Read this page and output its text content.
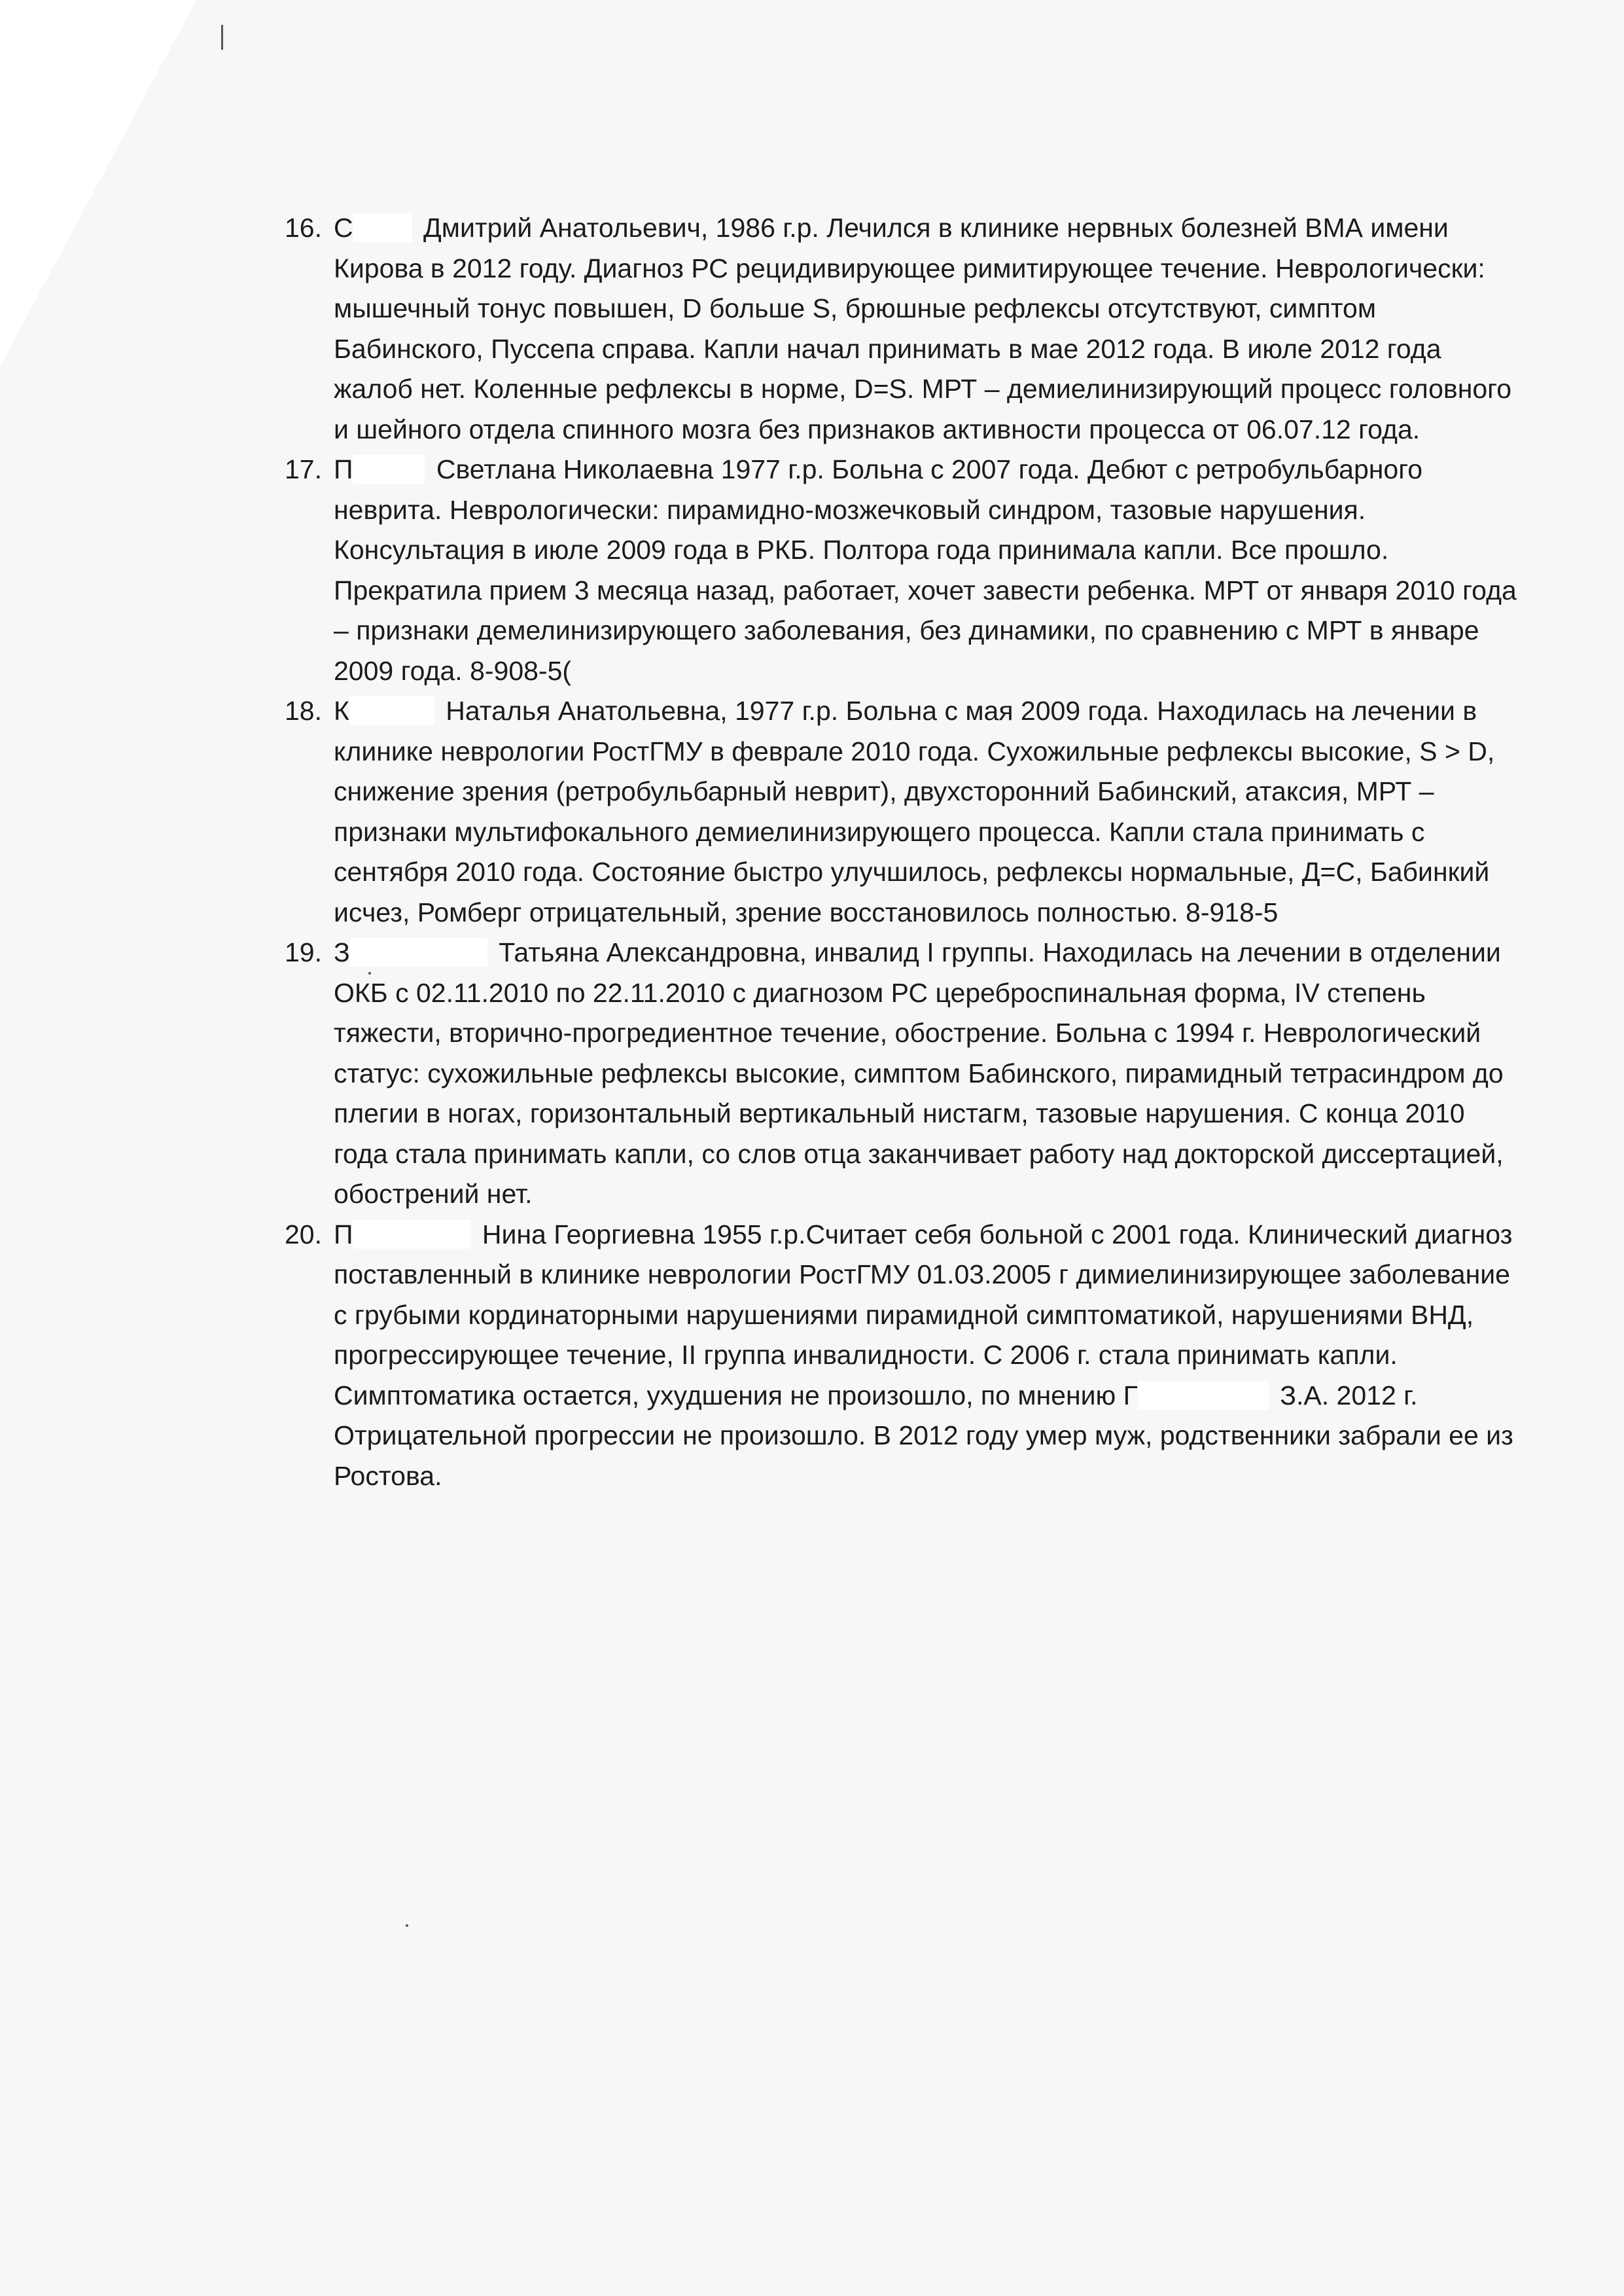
16. С	Дмитрий Анатольевич, 1986 г.р. Лечился в клинике нервных болезней ВМА имени Кирова в 2012 году. Диагноз РС рецидивирующее римитирующее течение. Неврологически: мышечный тонус повышен, D больше S, брюшные рефлексы отсутствуют, симптом Бабинского, Пуссепа справа. Капли начал принимать в мае 2012 года. В июле 2012 года жалоб нет. Коленные рефлексы в норме, D=S. МРТ – демиелинизирующий процесс головного и шейного отдела спинного мозга без признаков активности процесса от 06.07.12 года.
17. П	Светлана Николаевна 1977 г.р. Больна с 2007 года. Дебют с ретробульбарного неврита. Неврологически: пирамидно-мозжечковый синдром, тазовые нарушения. Консультация в июле 2009 года в РКБ. Полтора года принимала капли. Все прошло. Прекратила прием 3 месяца назад, работает, хочет завести ребенка. МРТ от января 2010 года – признаки демелинизирующего заболевания, без динамики, по сравнению с МРТ в январе 2009 года. 8-908-5(
18. К	Наталья Анатольевна, 1977 г.р. Больна с мая 2009 года. Находилась на лечении в клинике неврологии РостГМУ в феврале 2010 года. Сухожильные рефлексы высокие, S > D, снижение зрения (ретробульбарный неврит), двухсторонний Бабинский, атаксия, МРТ – признаки мультифокального демиелинизирующего процесса. Капли стала принимать с сентября 2010 года. Состояние быстро улучшилось, рефлексы нормальные, Д=С, Бабинкий исчез, Ромберг отрицательный, зрение восстановилось полностью. 8-918-5
19. З	Татьяна Александровна, инвалид I группы. Находилась на лечении в отделении ОКБ с 02.11.2010 по 22.11.2010 с диагнозом РС цереброспинальная форма, IV степень тяжести, вторично-прогредиентное течение, обострение. Больна с 1994 г. Неврологический статус: сухожильные рефлексы высокие, симптом Бабинского, пирамидный тетрасиндром до плегии в ногах, горизонтальный вертикальный нистагм, тазовые нарушения. С конца 2010 года стала принимать капли, со слов отца заканчивает работу над докторской диссертацией, обострений нет.
20. П	Нина Георгиевна 1955 г.р.Считает себя больной с 2001 года. Клинический диагноз поставленный в клинике неврологии РостГМУ 01.03.2005 г димиелинизирующее заболевание с грубыми кординаторными нарушениями пирамидной симптоматикой, нарушениями ВНД, прогрессирующее течение, II группа инвалидности. С 2006 г. стала принимать капли. Симптоматика остается, ухудшения не произошло, по мнению Г	З.А. 2012 г. Отрицательной прогрессии не произошло. В 2012 году умер муж, родственники забрали ее из Ростова.
